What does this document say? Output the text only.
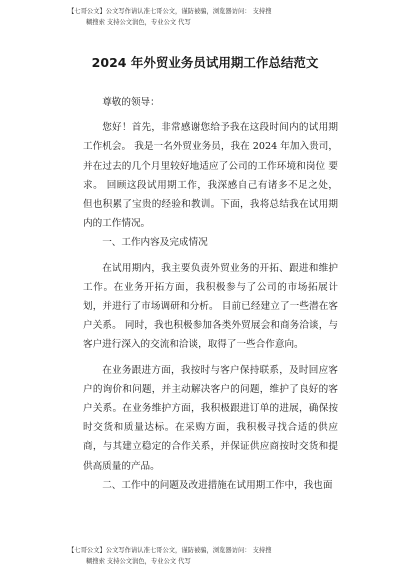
【七哥公文】公文写作请认准七哥公文，谨防被骗，浏览器访问： 支持搜
糊搜索 支持公文润色，专业公文 代写
2024 年外贸业务员试用期工作总结范文

尊敬的领导：

您好！首先，非常感谢您给予我在这段时间内的试用期工作机会。 我是一名外贸业务员，我在 2024 年加入贵司， 并在过去的几个月里较好地适应了公司的工作环境和岗位 要求。 回顾这段试用期工作，我深感自己有诸多不足之处， 但也积累了宝贵的经验和教训。下面，我将总结我在试用期 内的工作情况。

一、工作内容及完成情况

在试用期内，我主要负责外贸业务的开拓、跟进和维护工作。在业务开拓方面，我积极参与了公司的市场拓展计划，并进行了市场调研和分析。 目前已经建立了一些潜在客户关系。 同时，我也积极参加各类外贸展会和商务洽谈，与客户进行深入的交流和洽谈，取得了一些合作意向。

在业务跟进方面，我按时与客户保持联系，及时回应客户的询价和问题，并主动解决客户的问题，维护了良好的客户关系。在业务维护方面，我积极跟进订单的进展，确保按时交货和质量达标。在采购方面，我积极寻找合适的供应商，与其建立稳定的合作关系，并保证供应商按时交货和提供高质量的产品。

二、工作中的问题及改进措施在试用期工作中，我也面

【七哥公文】公文写作请认准七哥公文，谨防被骗，浏览器访问： 支持搜
糊搜索 支持公文润色，专业公文 代写
